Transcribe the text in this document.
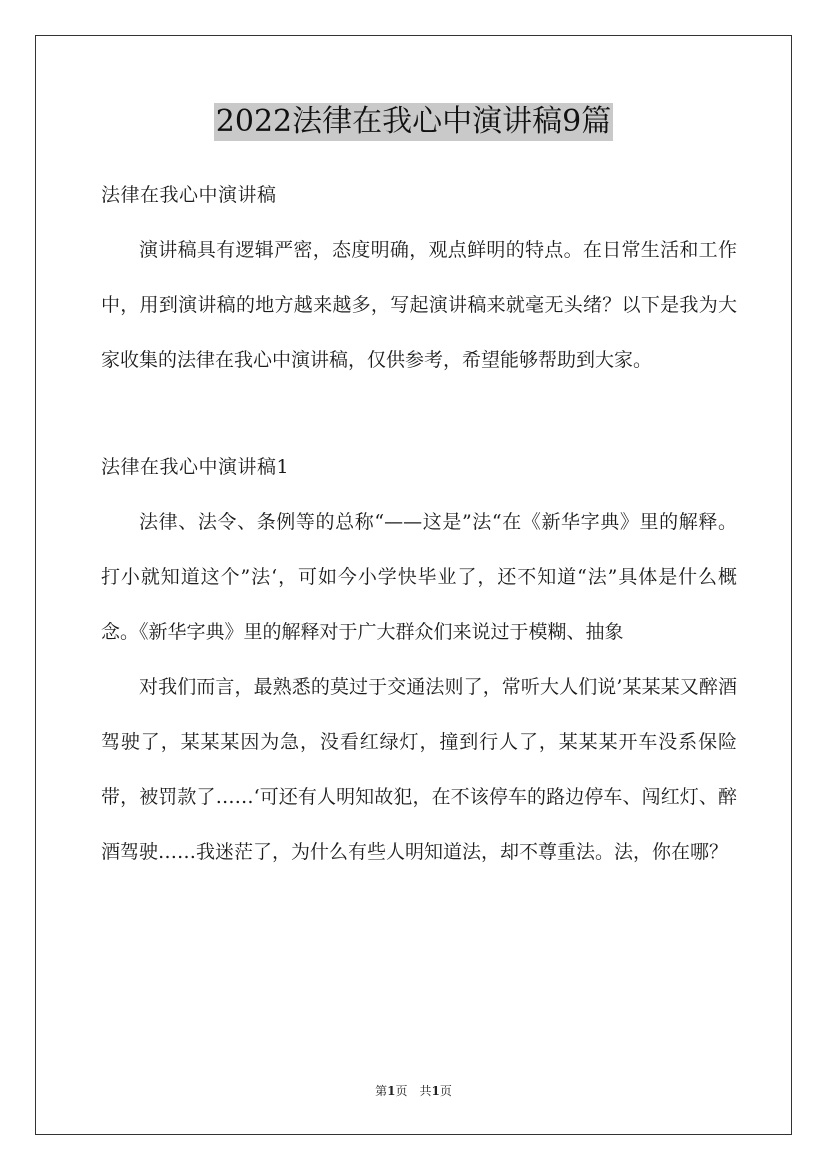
2022法律在我心中演讲稿9篇

法律在我心中演讲稿

演讲稿具有逻辑严密，态度明确，观点鲜明的特点。在日常生活和工作中，用到演讲稿的地方越来越多，写起演讲稿来就毫无头绪？以下是我为大家收集的法律在我心中演讲稿，仅供参考，希望能够帮助到大家。

法律在我心中演讲稿1

法律、法令、条例等的总称“——这是”法“在《新华字典》里的解释。打小就知道这个”法‘，可如今小学快毕业了，还不知道“法”具体是什么概念。《新华字典》里的解释对于广大群众们来说过于模糊、抽象

对我们而言，最熟悉的莫过于交通法则了，常听大人们说’某某某又醉酒驾驶了，某某某因为急，没看红绿灯，撞到行人了，某某某开车没系保险带，被罚款了……‘可还有人明知故犯，在不该停车的路边停车、闯红灯、醉酒驾驶……我迷茫了，为什么有些人明知道法，却不尊重法。法，你在哪？

第1页　共1页
